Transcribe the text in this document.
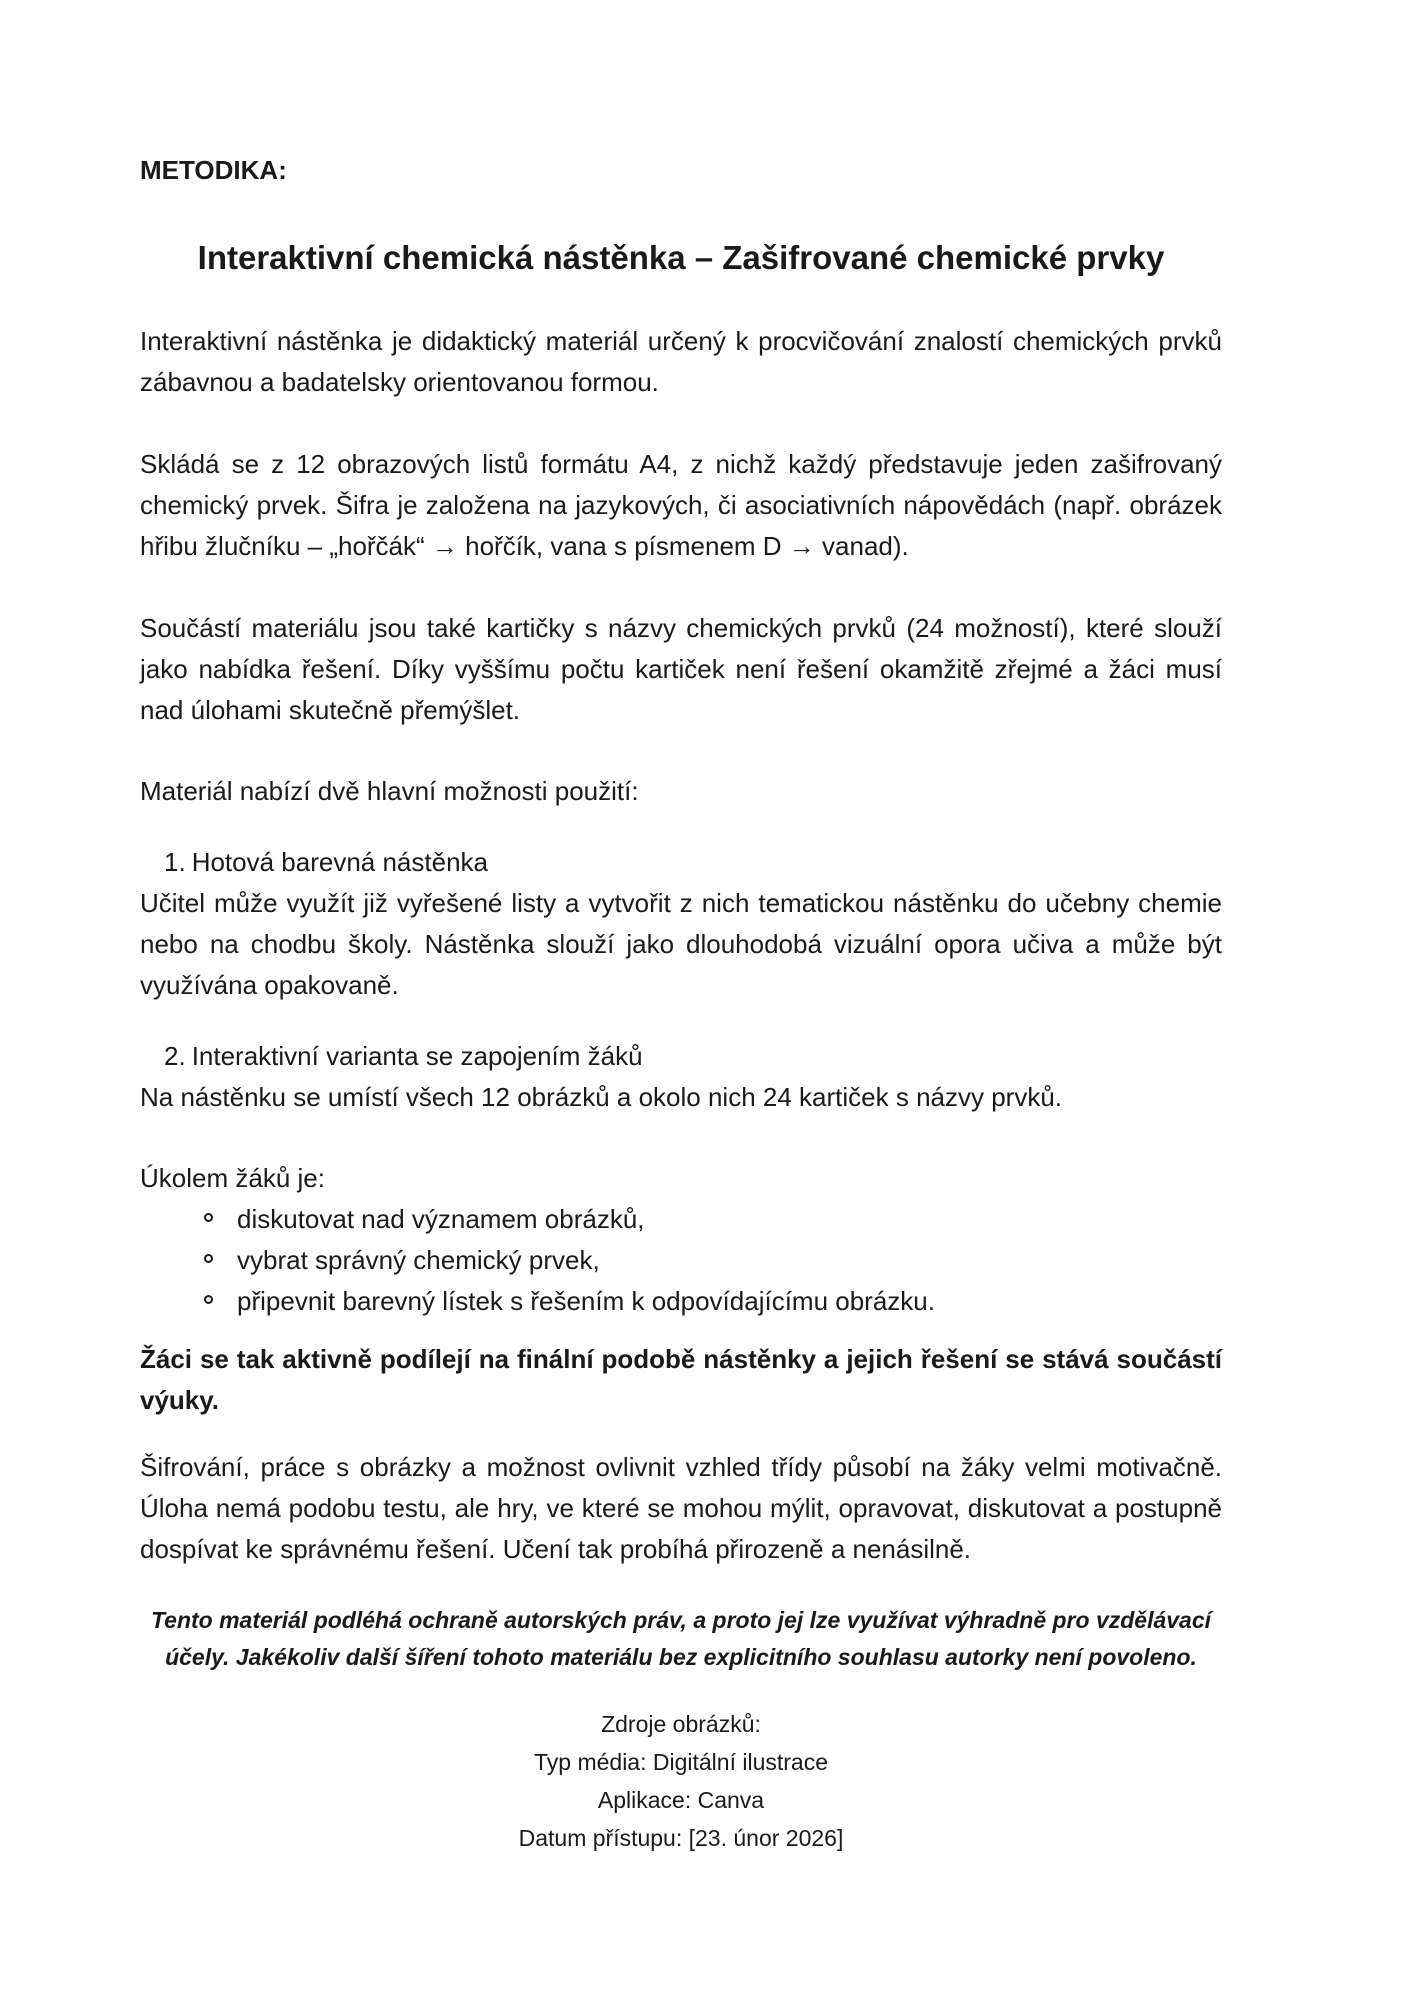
METODIKA:
Interaktivní chemická nástěnka – Zašifrované chemické prvky

Interaktivní nástěnka je didaktický materiál určený k procvičování znalostí chemických prvků zábavnou a badatelsky orientovanou formou.

Skládá se z 12 obrazových listů formátu A4, z nichž každý představuje jeden zašifrovaný chemický prvek. Šifra je založena na jazykových, či asociativních nápovědách (např. obrázek hřibu žlučníku – „hořčák“ → hořčík, vana s písmenem D → vanad).

Součástí materiálu jsou také kartičky s názvy chemických prvků (24 možností), které slouží jako nabídka řešení. Díky vyššímu počtu kartiček není řešení okamžitě zřejmé a žáci musí nad úlohami skutečně přemýšlet.

Materiál nabízí dvě hlavní možnosti použití:

1. Hotová barevná nástěnka

Učitel může využít již vyřešené listy a vytvořit z nich tematickou nástěnku do učebny chemie nebo na chodbu školy. Nástěnka slouží jako dlouhodobá vizuální opora učiva a může být využívána opakovaně.

2. Interaktivní varianta se zapojením žáků

Na nástěnku se umístí všech 12 obrázků a okolo nich 24 kartiček s názvy prvků.

Úkolem žáků je:
diskutovat nad významem obrázků,
vybrat správný chemický prvek,
připevnit barevný lístek s řešením k odpovídajícímu obrázku.

Žáci se tak aktivně podílejí na finální podobě nástěnky a jejich řešení se stává součástí výuky.

Šifrování, práce s obrázky a možnost ovlivnit vzhled třídy působí na žáky velmi motivačně. Úloha nemá podobu testu, ale hry, ve které se mohou mýlit, opravovat, diskutovat a postupně dospívat ke správnému řešení. Učení tak probíhá přirozeně a nenásilně.

Tento materiál podléhá ochraně autorských práv, a proto jej lze využívat výhradně pro vzdělávací účely. Jakékoliv další šíření tohoto materiálu bez explicitního souhlasu autorky není povoleno.
Zdroje obrázků:
Typ média: Digitální ilustrace
Aplikace: Canva
Datum přístupu: [23. únor 2026]
